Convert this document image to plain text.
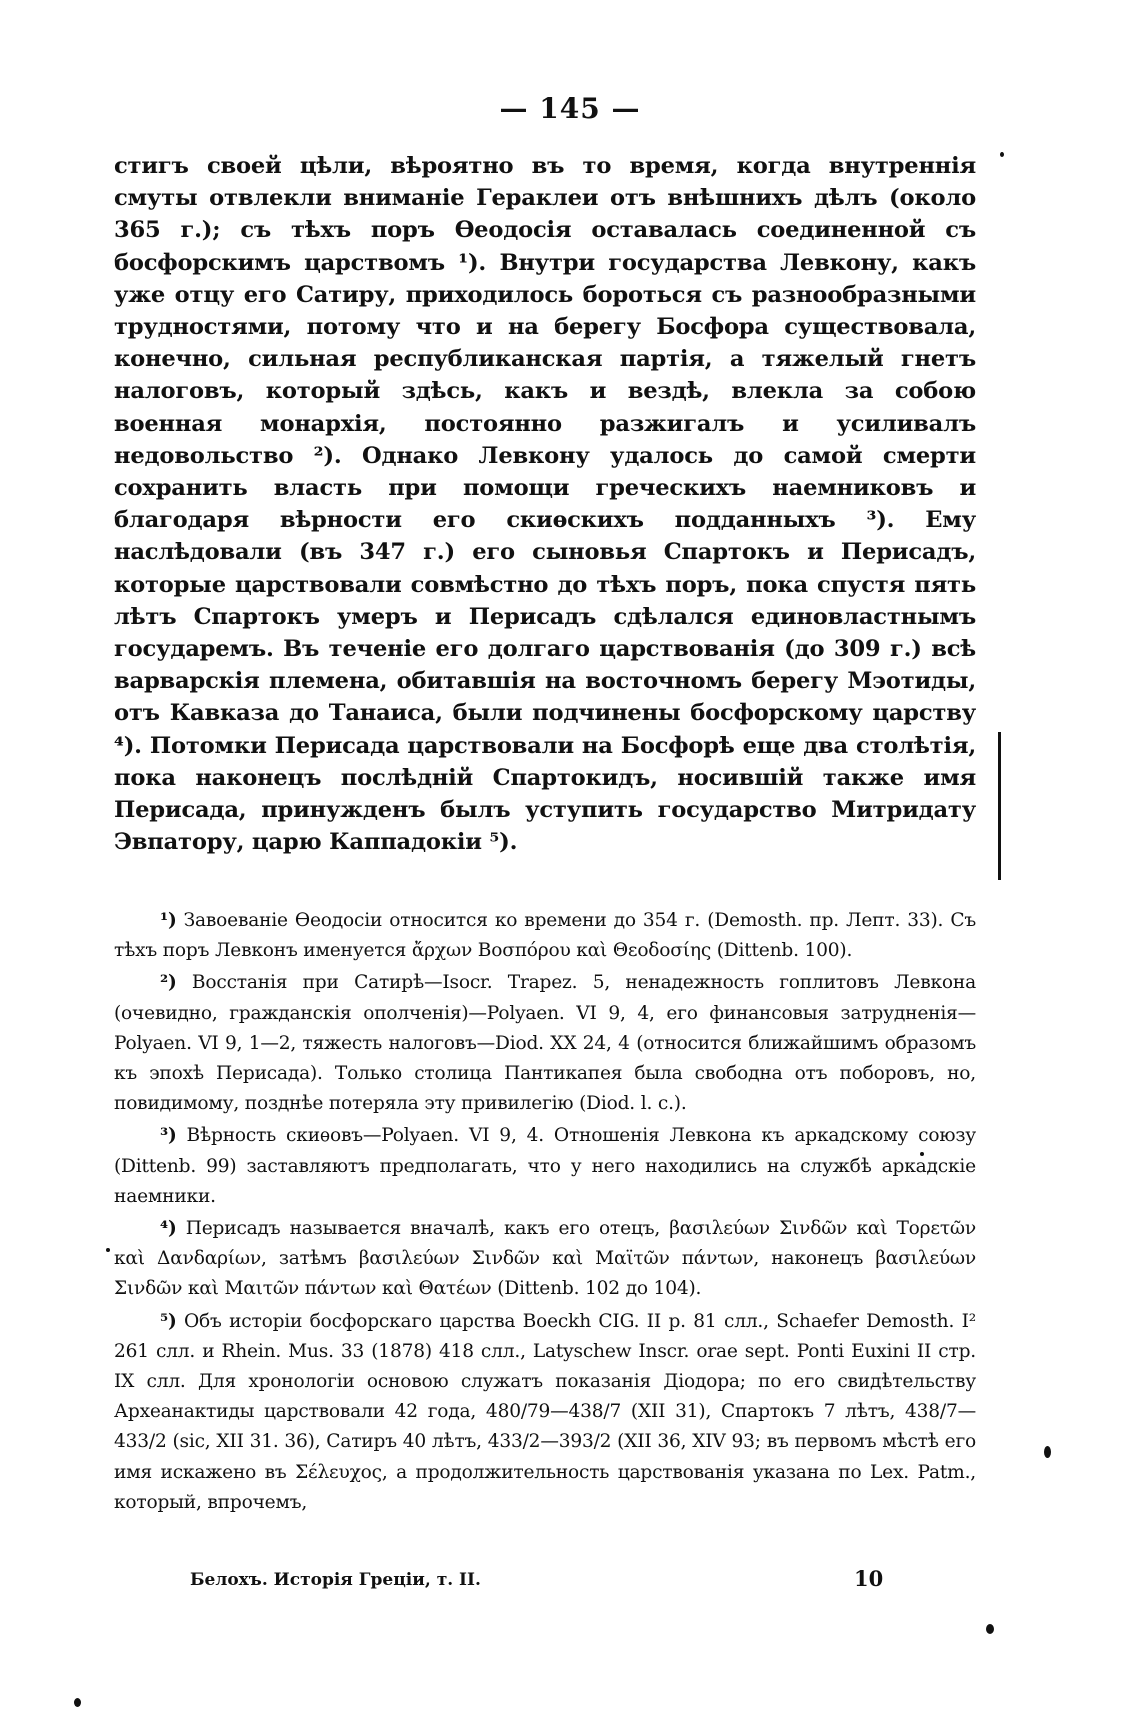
— 145 —

стигъ своей цѣли, вѣроятно въ то время, когда внутреннія смуты отвлекли вниманіе Гераклеи отъ внѣшнихъ дѣлъ (около 365 г.); съ тѣхъ поръ Ѳеодосія оставалась соединенной съ босфорскимъ царствомъ ¹). Внутри государства Левкону, какъ уже отцу его Сатиру, приходилось бороться съ разнообразными трудностями, потому что и на берегу Босфора существовала, конечно, сильная республиканская партія, а тяжелый гнетъ налоговъ, который здѣсь, какъ и вездѣ, влекла за собою военная монархія, постоянно разжигалъ и усиливалъ недовольство ²). Однако Левкону удалось до самой смерти сохранить власть при помощи греческихъ наемниковъ и благодаря вѣрности его скиѳскихъ подданныхъ ³). Ему наслѣдовали (въ 347 г.) его сыновья Спартокъ и Перисадъ, которые царствовали совмѣстно до тѣхъ поръ, пока спустя пять лѣтъ Спартокъ умеръ и Перисадъ сдѣлался единовластнымъ государемъ. Въ теченіе его долгаго царствованія (до 309 г.) всѣ варварскія племена, обитавшія на восточномъ берегу Мэотиды, отъ Кавказа до Танаиса, были подчинены босфорскому царству ⁴). Потомки Перисада царствовали на Босфорѣ еще два столѣтія, пока наконецъ послѣдній Спартокидъ, носившій также имя Перисада, принужденъ былъ уступить государство Митридату Эвпатору, царю Каппадокіи ⁵).

¹) Завоеваніе Ѳеодосіи относится ко времени до 354 г. (Demosth. пр. Лепт. 33). Съ тѣхъ поръ Левконъ именуется ἄρχων Βοσπόρου καὶ Θεοδοσίης (Dittenb. 100).

²) Восстанія при Сатирѣ—Isocr. Trapez. 5, ненадежность гоплитовъ Левкона (очевидно, гражданскія ополченія)—Polyaen. VI 9, 4, его финансовыя затрудненія—Polyaen. VI 9, 1—2, тяжесть налоговъ—Diod. XX 24, 4 (относится ближайшимъ образомъ къ эпохѣ Перисада). Только столица Пантикапея была свободна отъ поборовъ, но, повидимому, позднѣе потеряла эту привилегію (Diod. l. c.).

³) Вѣрность скиѳовъ—Polyaen. VI 9, 4. Отношенія Левкона къ аркадскому союзу (Dittenb. 99) заставляютъ предполагать, что у него находились на службѣ аркадскіе наемники.

⁴) Перисадъ называется вначалѣ, какъ его отецъ, βασιλεύων Σινδῶν καὶ Τορετῶν καὶ Δανδαρίων, затѣмъ βασιλεύων Σινδῶν καὶ Μαϊτῶν πάντων, наконецъ βασιλεύων Σινδῶν καὶ Μαιτῶν πάντων καὶ Θατέων (Dittenb. 102 до 104).

⁵) Объ исторіи босфорскаго царства Boeckh CIG. II p. 81 слл., Schaefer Demosth. I² 261 слл. и Rhein. Mus. 33 (1878) 418 слл., Latyschew Inscr. orae sept. Ponti Euxini II стр. IX слл. Для хронологіи основою служатъ показанія Діодора; по его свидѣтельству Археанактиды царствовали 42 года, 480/79—438/7 (XII 31), Спартокъ 7 лѣтъ, 438/7—433/2 (sic, XII 31. 36), Сатиръ 40 лѣтъ, 433/2—393/2 (XII 36, XIV 93; въ первомъ мѣстѣ его имя искажено въ Σέλευχος, а продолжительность царствованія указана по Lex. Patm., который, впрочемъ,

Белохъ. Исторія Греціи, т. II.	10
